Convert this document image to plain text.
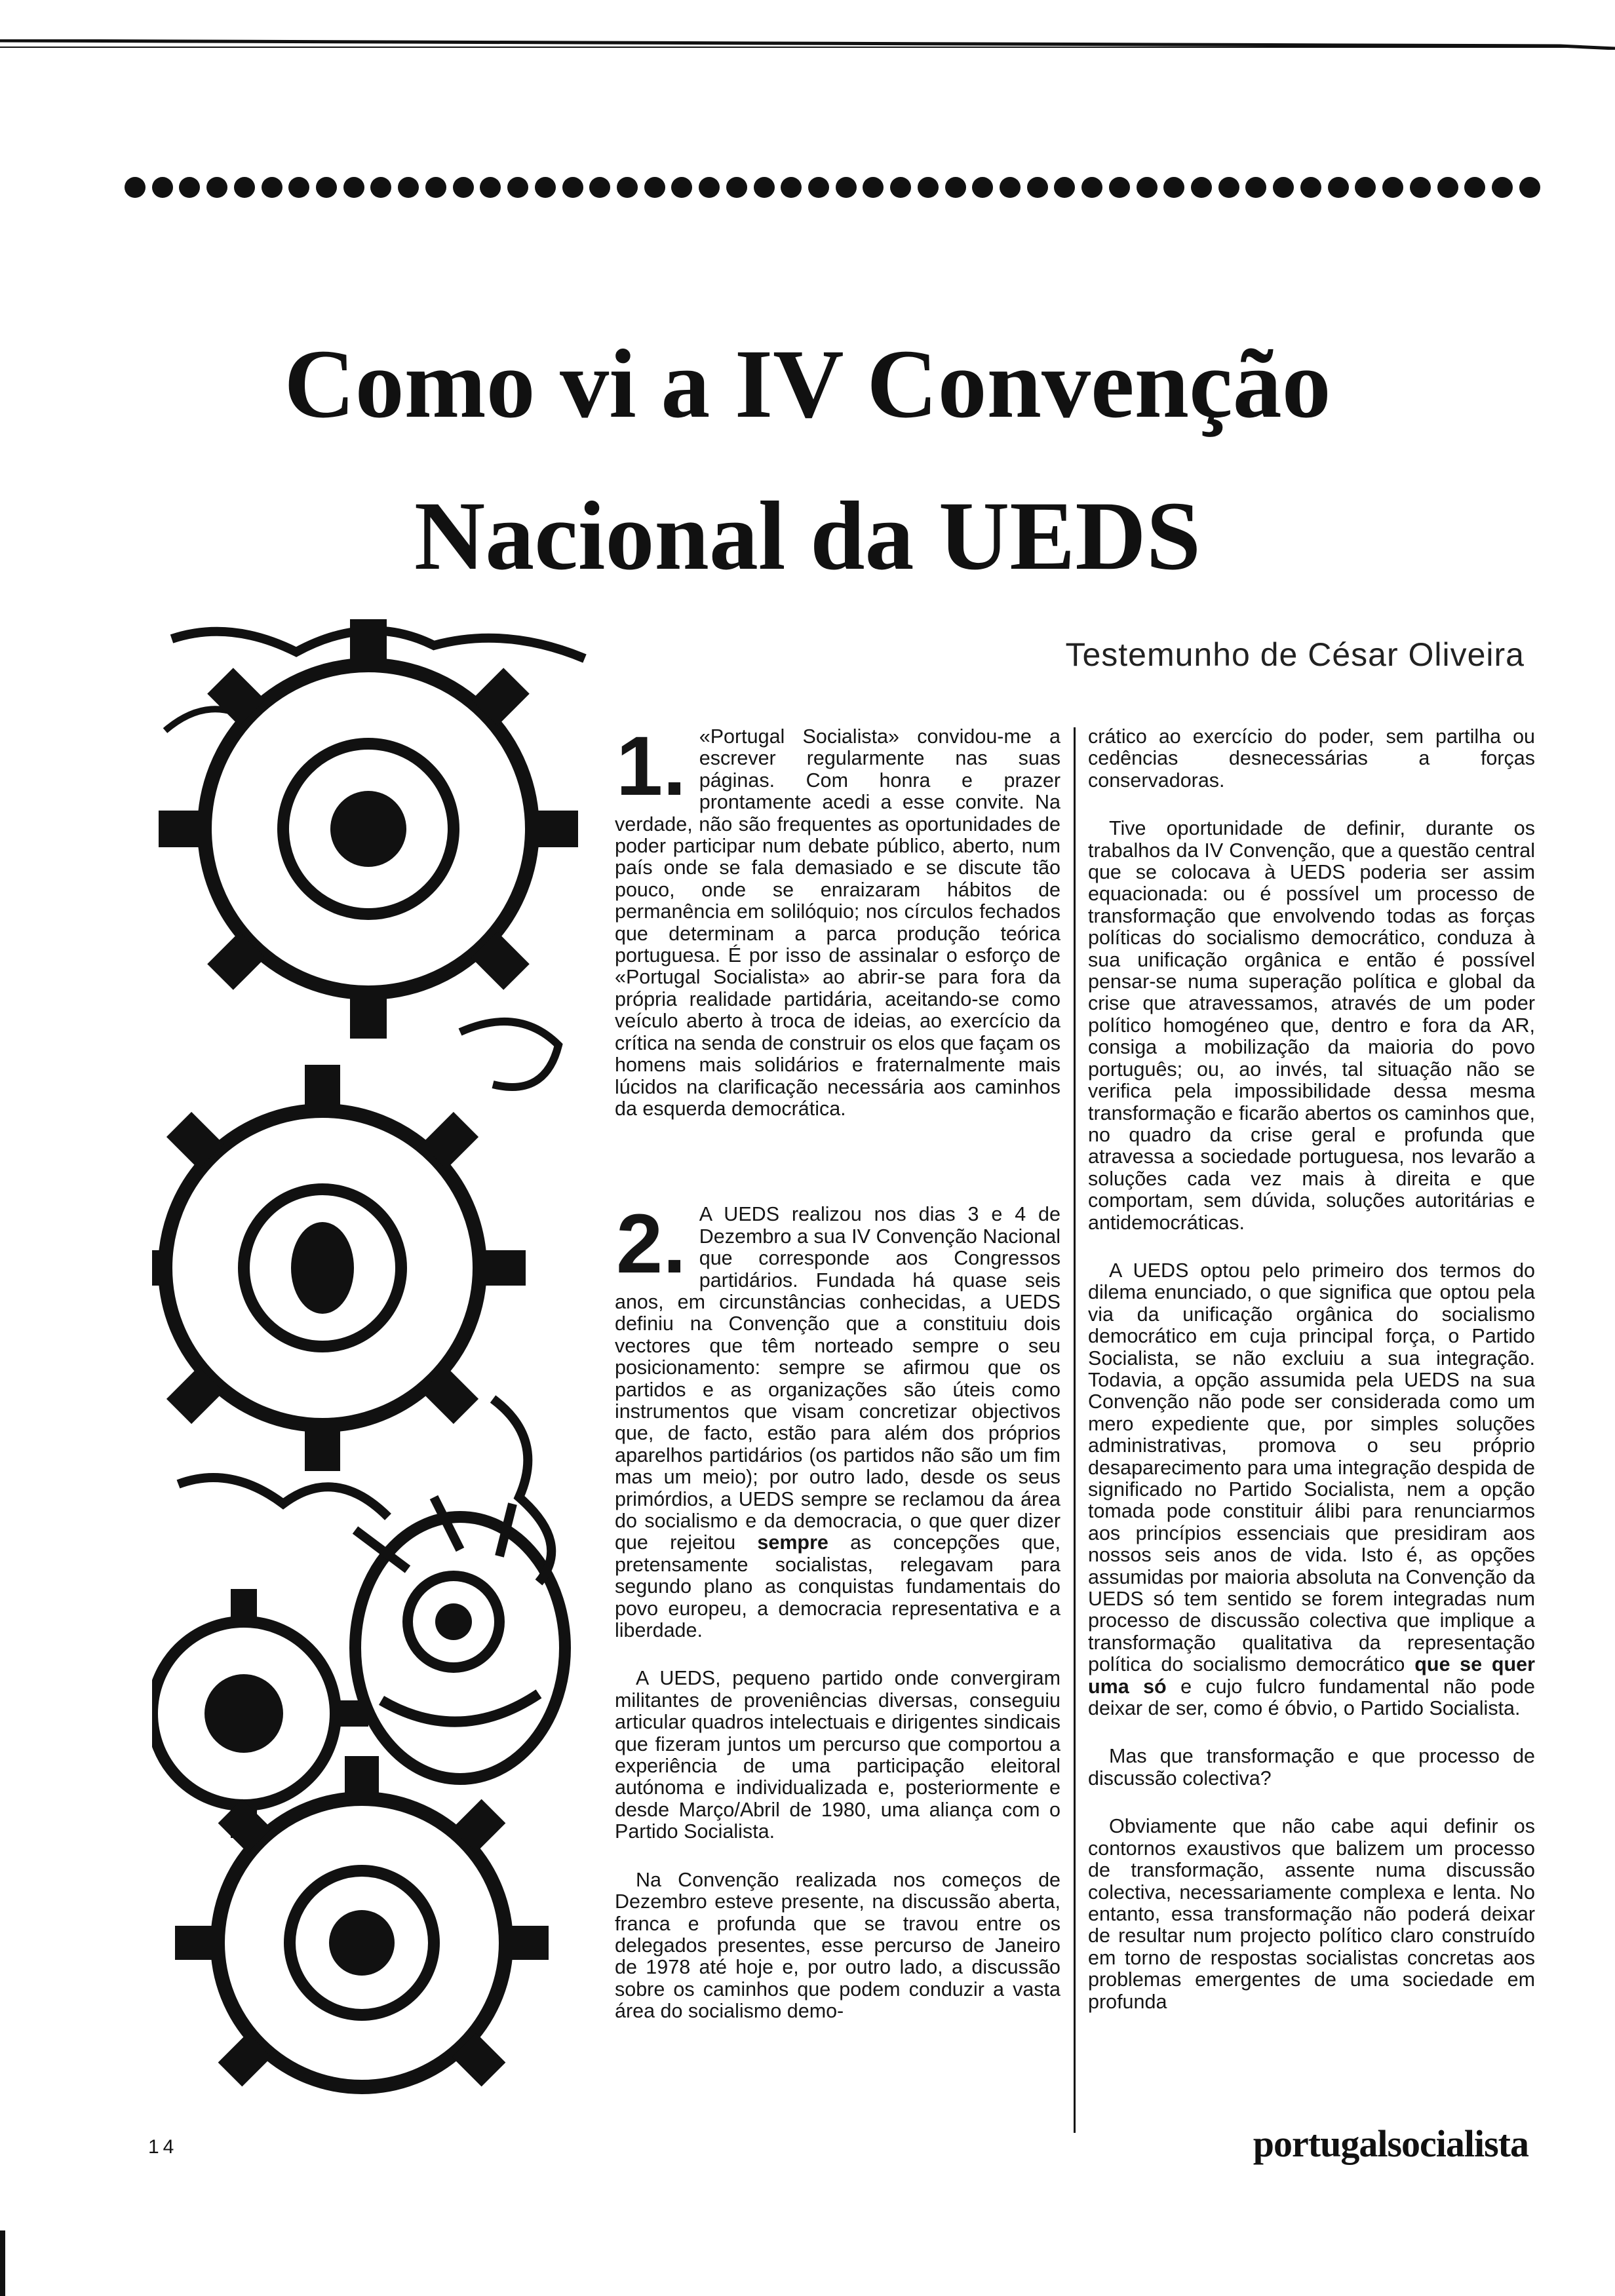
Como vi a IV Convenção
Nacional da UEDS
Testemunho de César Oliveira
1. «Portugal Socialista» convidou-me a escrever regularmente nas suas páginas. Com honra e prazer prontamente acedi a esse convite. Na verdade, não são frequentes as oportunidades de poder participar num debate público, aberto, num país onde se fala demasiado e se discute tão pouco, onde se enraizaram hábitos de permanência em solilóquio; nos círculos fechados que determinam a parca produção teórica portuguesa. É por isso de assinalar o esforço de «Portugal Socialista» ao abrir-se para fora da própria realidade partidária, aceitando-se como veículo aberto à troca de ideias, ao exercício da crítica na senda de construir os elos que façam os homens mais solidários e fraternalmente mais lúcidos na clarificação necessária aos caminhos da esquerda democrática.

2. A UEDS realizou nos dias 3 e 4 de Dezembro a sua IV Convenção Nacional que corresponde aos Congressos partidários. Fundada há quase seis anos, em circunstâncias conhecidas, a UEDS definiu na Convenção que a constituiu dois vectores que têm norteado sempre o seu posicionamento: sempre se afirmou que os partidos e as organizações são úteis como instrumentos que visam concretizar objectivos que, de facto, estão para além dos próprios aparelhos partidários (os partidos não são um fim mas um meio); por outro lado, desde os seus primórdios, a UEDS sempre se reclamou da área do socialismo e da democracia, o que quer dizer que rejeitou sempre as concepções que, pretensamente socialistas, relegavam para segundo plano as conquistas fundamentais do povo europeu, a democracia representativa e a liberdade.

A UEDS, pequeno partido onde convergiram militantes de proveniências diversas, conseguiu articular quadros intelectuais e dirigentes sindicais que fizeram juntos um percurso que comportou a experiência de uma participação eleitoral autónoma e individualizada e, posteriormente e desde Março/Abril de 1980, uma aliança com o Partido Socialista.

Na Convenção realizada nos começos de Dezembro esteve presente, na discussão aberta, franca e profunda que se travou entre os delegados presentes, esse percurso de Janeiro de 1978 até hoje e, por outro lado, a discussão sobre os caminhos que podem conduzir a vasta área do socialismo demo-

crático ao exercício do poder, sem partilha ou cedências desnecessárias a forças conservadoras.

Tive oportunidade de definir, durante os trabalhos da IV Convenção, que a questão central que se colocava à UEDS poderia ser assim equacionada: ou é possível um processo de transformação que envolvendo todas as forças políticas do socialismo democrático, conduza à sua unificação orgânica e então é possível pensar-se numa superação política e global da crise que atravessamos, através de um poder político homogéneo que, dentro e fora da AR, consiga a mobilização da maioria do povo português; ou, ao invés, tal situação não se verifica pela impossibilidade dessa mesma transformação e ficarão abertos os caminhos que, no quadro da crise geral e profunda que atravessa a sociedade portuguesa, nos levarão a soluções cada vez mais à direita e que comportam, sem dúvida, soluções autoritárias e antidemocráticas.

A UEDS optou pelo primeiro dos termos do dilema enunciado, o que significa que optou pela via da unificação orgânica do socialismo democrático em cuja principal força, o Partido Socialista, se não excluiu a sua integração. Todavia, a opção assumida pela UEDS na sua Convenção não pode ser considerada como um mero expediente que, por simples soluções administrativas, promova o seu próprio desaparecimento para uma integração despida de significado no Partido Socialista, nem a opção tomada pode constituir álibi para renunciarmos aos princípios essenciais que presidiram aos nossos seis anos de vida. Isto é, as opções assumidas por maioria absoluta na Convenção da UEDS só tem sentido se forem integradas num processo de discussão colectiva que implique a transformação qualitativa da representação política do socialismo democrático que se quer uma só e cujo fulcro fundamental não pode deixar de ser, como é óbvio, o Partido Socialista.

Mas que transformação e que processo de discussão colectiva?

Obviamente que não cabe aqui definir os contornos exaustivos que balizem um processo de transformação, assente numa discussão colectiva, necessariamente complexa e lenta. No entanto, essa transformação não poderá deixar de resultar num projecto político claro construído em torno de respostas socialistas concretas aos problemas emergentes de uma sociedade em profunda

14	portugalsocialista
